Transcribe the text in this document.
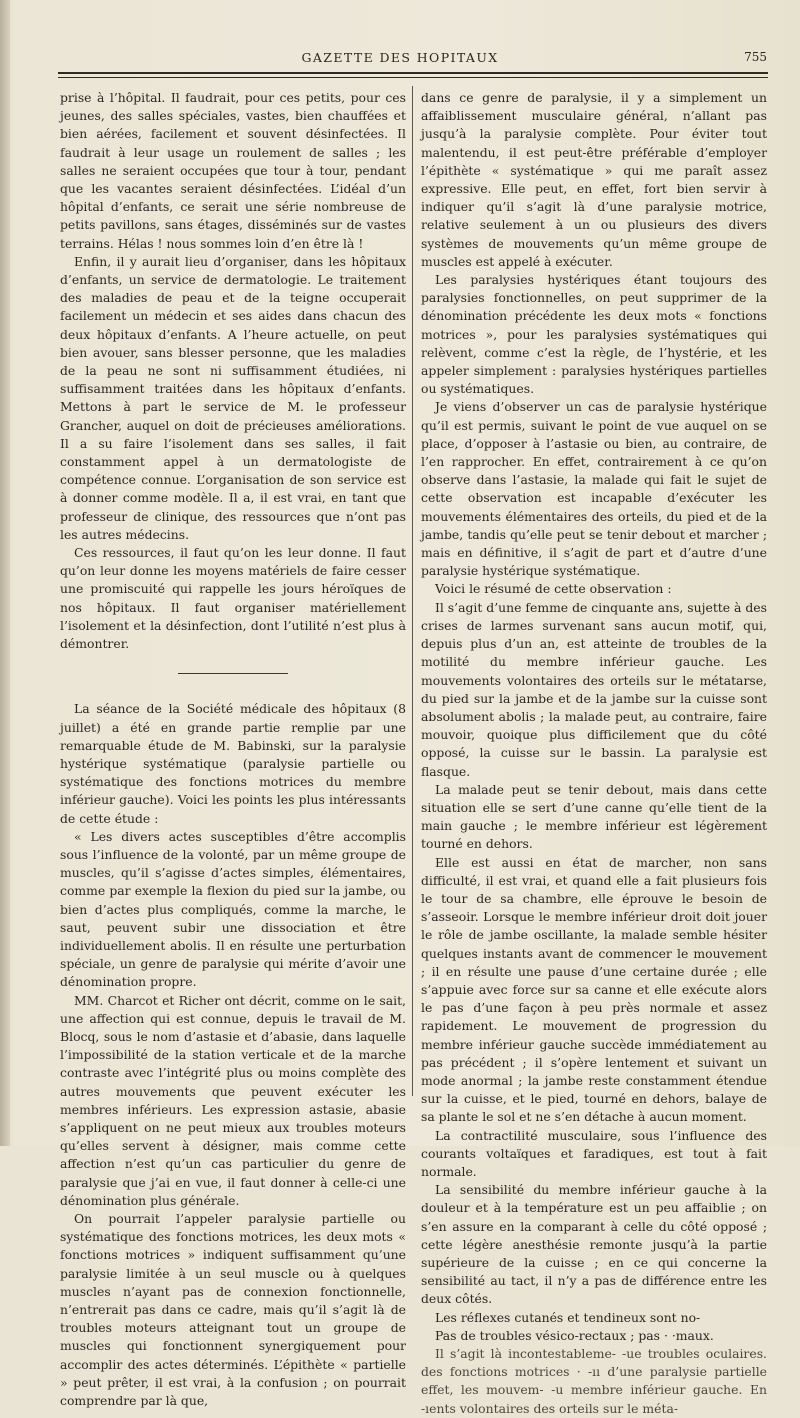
GAZETTE DES HOPITAUX	755

prise à l’hôpital. Il faudrait, pour ces petits, pour ces jeunes, des salles spéciales, vastes, bien chauffées et bien aérées, facilement et souvent désinfectées. Il faudrait à leur usage un roulement de salles ; les salles ne seraient occupées que tour à tour, pendant que les vacantes seraient désinfectées. L’idéal d’un hôpital d’enfants, ce serait une série nombreuse de petits pavillons, sans étages, disséminés sur de vastes terrains. Hélas ! nous sommes loin d’en être là !

Enfin, il y aurait lieu d’organiser, dans les hôpitaux d’enfants, un service de dermatologie. Le traitement des maladies de peau et de la teigne occuperait facilement un médecin et ses aides dans chacun des deux hôpitaux d’enfants. A l’heure actuelle, on peut bien avouer, sans blesser personne, que les maladies de la peau ne sont ni suffisamment étudiées, ni suffisamment traitées dans les hôpitaux d’enfants. Mettons à part le service de M. le professeur Grancher, auquel on doit de précieuses améliorations. Il a su faire l’isolement dans ses salles, il fait constamment appel à un dermatologiste de compétence connue. L’organisation de son service est à donner comme modèle. Il a, il est vrai, en tant que professeur de clinique, des ressources que n’ont pas les autres médecins.

Ces ressources, il faut qu’on les leur donne. Il faut qu’on leur donne les moyens matériels de faire cesser une promiscuité qui rappelle les jours héroïques de nos hôpitaux. Il faut organiser matériellement l’isolement et la désinfection, dont l’utilité n’est plus à démontrer.

La séance de la Société médicale des hôpitaux (8 juillet) a été en grande partie remplie par une remarquable étude de M. Babinski, sur la paralysie hystérique systématique (paralysie partielle ou systématique des fonctions motrices du membre inférieur gauche). Voici les points les plus intéressants de cette étude :

« Les divers actes susceptibles d’être accomplis sous l’influence de la volonté, par un même groupe de muscles, qu’il s’agisse d’actes simples, élémentaires, comme par exemple la flexion du pied sur la jambe, ou bien d’actes plus compliqués, comme la marche, le saut, peuvent subir une dissociation et être individuellement abolis. Il en résulte une perturbation spéciale, un genre de paralysie qui mérite d’avoir une dénomination propre.

MM. Charcot et Richer ont décrit, comme on le sait, une affection qui est connue, depuis le travail de M. Blocq, sous le nom d’astasie et d’abasie, dans laquelle l’impossibilité de la station verticale et de la marche contraste avec l’intégrité plus ou moins complète des autres mouvements que peuvent exécuter les membres inférieurs. Les expression astasie, abasie s’appliquent on ne peut mieux aux troubles moteurs qu’elles servent à désigner, mais comme cette affection n’est qu’un cas particulier du genre de paralysie que j’ai en vue, il faut donner à celle-ci une dénomination plus générale.

On pourrait l’appeler paralysie partielle ou systématique des fonctions motrices, les deux mots « fonctions motrices » indiquent suffisamment qu’une paralysie limitée à un seul muscle ou à quelques muscles n’ayant pas de connexion fonctionnelle, n’entrerait pas dans ce cadre, mais qu’il s’agit là de troubles moteurs atteignant tout un groupe de muscles qui fonctionnent synergiquement pour accomplir des actes déterminés. L’épithète « partielle » peut prêter, il est vrai, à la confusion ; on pourrait comprendre par là que,

dans ce genre de paralysie, il y a simplement un affaiblissement musculaire général, n’allant pas jusqu’à la paralysie complète. Pour éviter tout malentendu, il est peut-être préférable d’employer l’épithète « systématique » qui me paraît assez expressive. Elle peut, en effet, fort bien servir à indiquer qu’il s’agit là d’une paralysie motrice, relative seulement à un ou plusieurs des divers systèmes de mouvements qu’un même groupe de muscles est appelé à exécuter.

Les paralysies hystériques étant toujours des paralysies fonctionnelles, on peut supprimer de la dénomination précédente les deux mots « fonctions motrices », pour les paralysies systématiques qui relèvent, comme c’est la règle, de l’hystérie, et les appeler simplement : paralysies hystériques partielles ou systématiques.

Je viens d’observer un cas de paralysie hystérique qu’il est permis, suivant le point de vue auquel on se place, d’opposer à l’astasie ou bien, au contraire, de l’en rapprocher. En effet, contrairement à ce qu’on observe dans l’astasie, la malade qui fait le sujet de cette observation est incapable d’exécuter les mouvements élémentaires des orteils, du pied et de la jambe, tandis qu’elle peut se tenir debout et marcher ; mais en définitive, il s’agit de part et d’autre d’une paralysie hystérique systématique.

Voici le résumé de cette observation :

Il s’agit d’une femme de cinquante ans, sujette à des crises de larmes survenant sans aucun motif, qui, depuis plus d’un an, est atteinte de troubles de la motilité du membre inférieur gauche. Les mouvements volontaires des orteils sur le métatarse, du pied sur la jambe et de la jambe sur la cuisse sont absolument abolis ; la malade peut, au contraire, faire mouvoir, quoique plus difficilement que du côté opposé, la cuisse sur le bassin. La paralysie est flasque.

La malade peut se tenir debout, mais dans cette situation elle se sert d’une canne qu’elle tient de la main gauche ; le membre inférieur est légèrement tourné en dehors.

Elle est aussi en état de marcher, non sans difficulté, il est vrai, et quand elle a fait plusieurs fois le tour de sa chambre, elle éprouve le besoin de s’asseoir. Lorsque le membre inférieur droit doit jouer le rôle de jambe oscillante, la malade semble hésiter quelques instants avant de commencer le mouvement ; il en résulte une pause d’une certaine durée ; elle s’appuie avec force sur sa canne et elle exécute alors le pas d’une façon à peu près normale et assez rapidement. Le mouvement de progression du membre inférieur gauche succède immédiatement au pas précédent ; il s’opère lentement et suivant un mode anormal ; la jambe reste constamment étendue sur la cuisse, et le pied, tourné en dehors, balaye de sa plante le sol et ne s’en détache à aucun moment.

La contractilité musculaire, sous l’influence des courants voltaïques et faradiques, est tout à fait normale.

La sensibilité du membre inférieur gauche à la douleur et à la température est un peu affaiblie ; on s’en assure en la comparant à celle du côté opposé ; cette légère anesthésie remonte jusqu’à la partie supérieure de la cuisse ; en ce qui concerne la sensibilité au tact, il n’y a pas de différence entre les deux côtés.

Les réflexes cutanés et tendineux sont no‑

Pas de troubles vésico-rectaux ; pas · ·maux.

Il s’agit là incontestableme‑ ‑ue troubles oculaires. des fonctions motrices · ‑ıı d’une paralysie partielle effet, les mouvem‑ ‑u membre inférieur gauche. En ‑ıents volontaires des orteils sur le méta‑
